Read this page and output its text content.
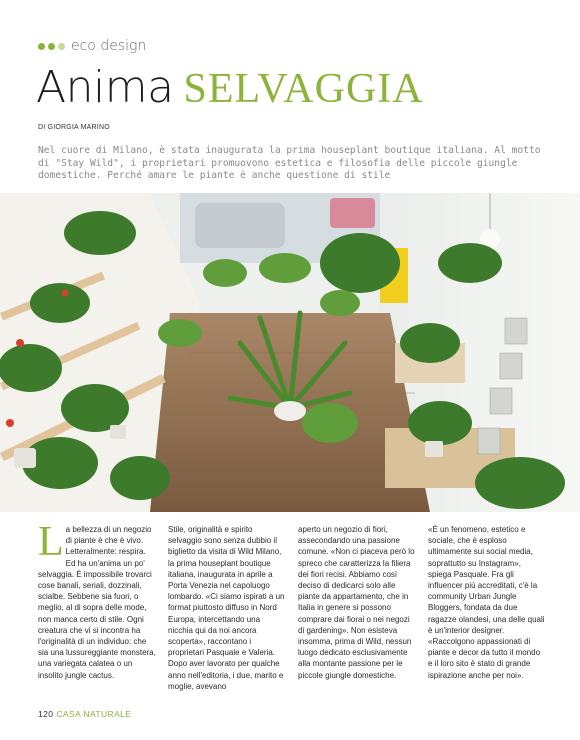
eco design
Anima SELVAGGIA
DI GIORGIA MARINO
Nel cuore di Milano, è stata inaugurata la prima houseplant boutique italiana. Al motto di "Stay Wild", i proprietari promuovono estetica e filosofia delle piccole giungle domestiche. Perché amare le piante è anche questione di stile
La bellezza di un negozio di piante è che è vivo. Letteralmente: respira. Ed ha un'anima un po' selvaggia. È impossibile trovarci cose banali, seriali, dozzinali, scialbe. Sebbene sia fuori, o meglio, al di sopra delle mode, non manca certo di stile. Ogni creatura che vi si incontra ha l'originalità di un individuo: che sia una lussureggiante monstera, una variegata calatea o un insolito jungle cactus.
Stile, originalità e spirito selvaggio sono senza dubbio il biglietto da visita di Wild Milano, la prima houseplant boutique italiana, inaugurata in aprile a Porta Venezia nel capoluogo lombardo. «Ci siamo ispirati a un format piuttosto diffuso in Nord Europa, intercettando una nicchia qui da noi ancora scoperta», raccontano i proprietari Pasquale e Valeria. Dopo aver lavorato per qualche anno nell'editoria, i due, marito e moglie, avevano
aperto un negozio di fiori, assecondando una passione comune. «Non ci piaceva però lo spreco che caratterizza la filiera dei fiori recisi. Abbiamo così deciso di dedicarci solo alle piante da appartamento, che in Italia in genere si possono comprare dai fiorai o nei negozi di gardening». Non esisteva insomma, prima di Wild, nessun luogo dedicato esclusivamente alla montante passione per le piccole giungle domestiche.
«È un fenomeno, estetico e sociale, che è esploso ultimamente sui social media, soprattutto su Instagram», spiega Pasquale. Fra gli influencer più accreditati, c'è la community Urban Jungle Bloggers, fondata da due ragazze olandesi, una delle quali è un'interior designer. «Raccolgono appassionati di piante e decor da tutto il mondo e il loro sito è stato di grande ispirazione anche per noi».
120 CASA NATURALE
